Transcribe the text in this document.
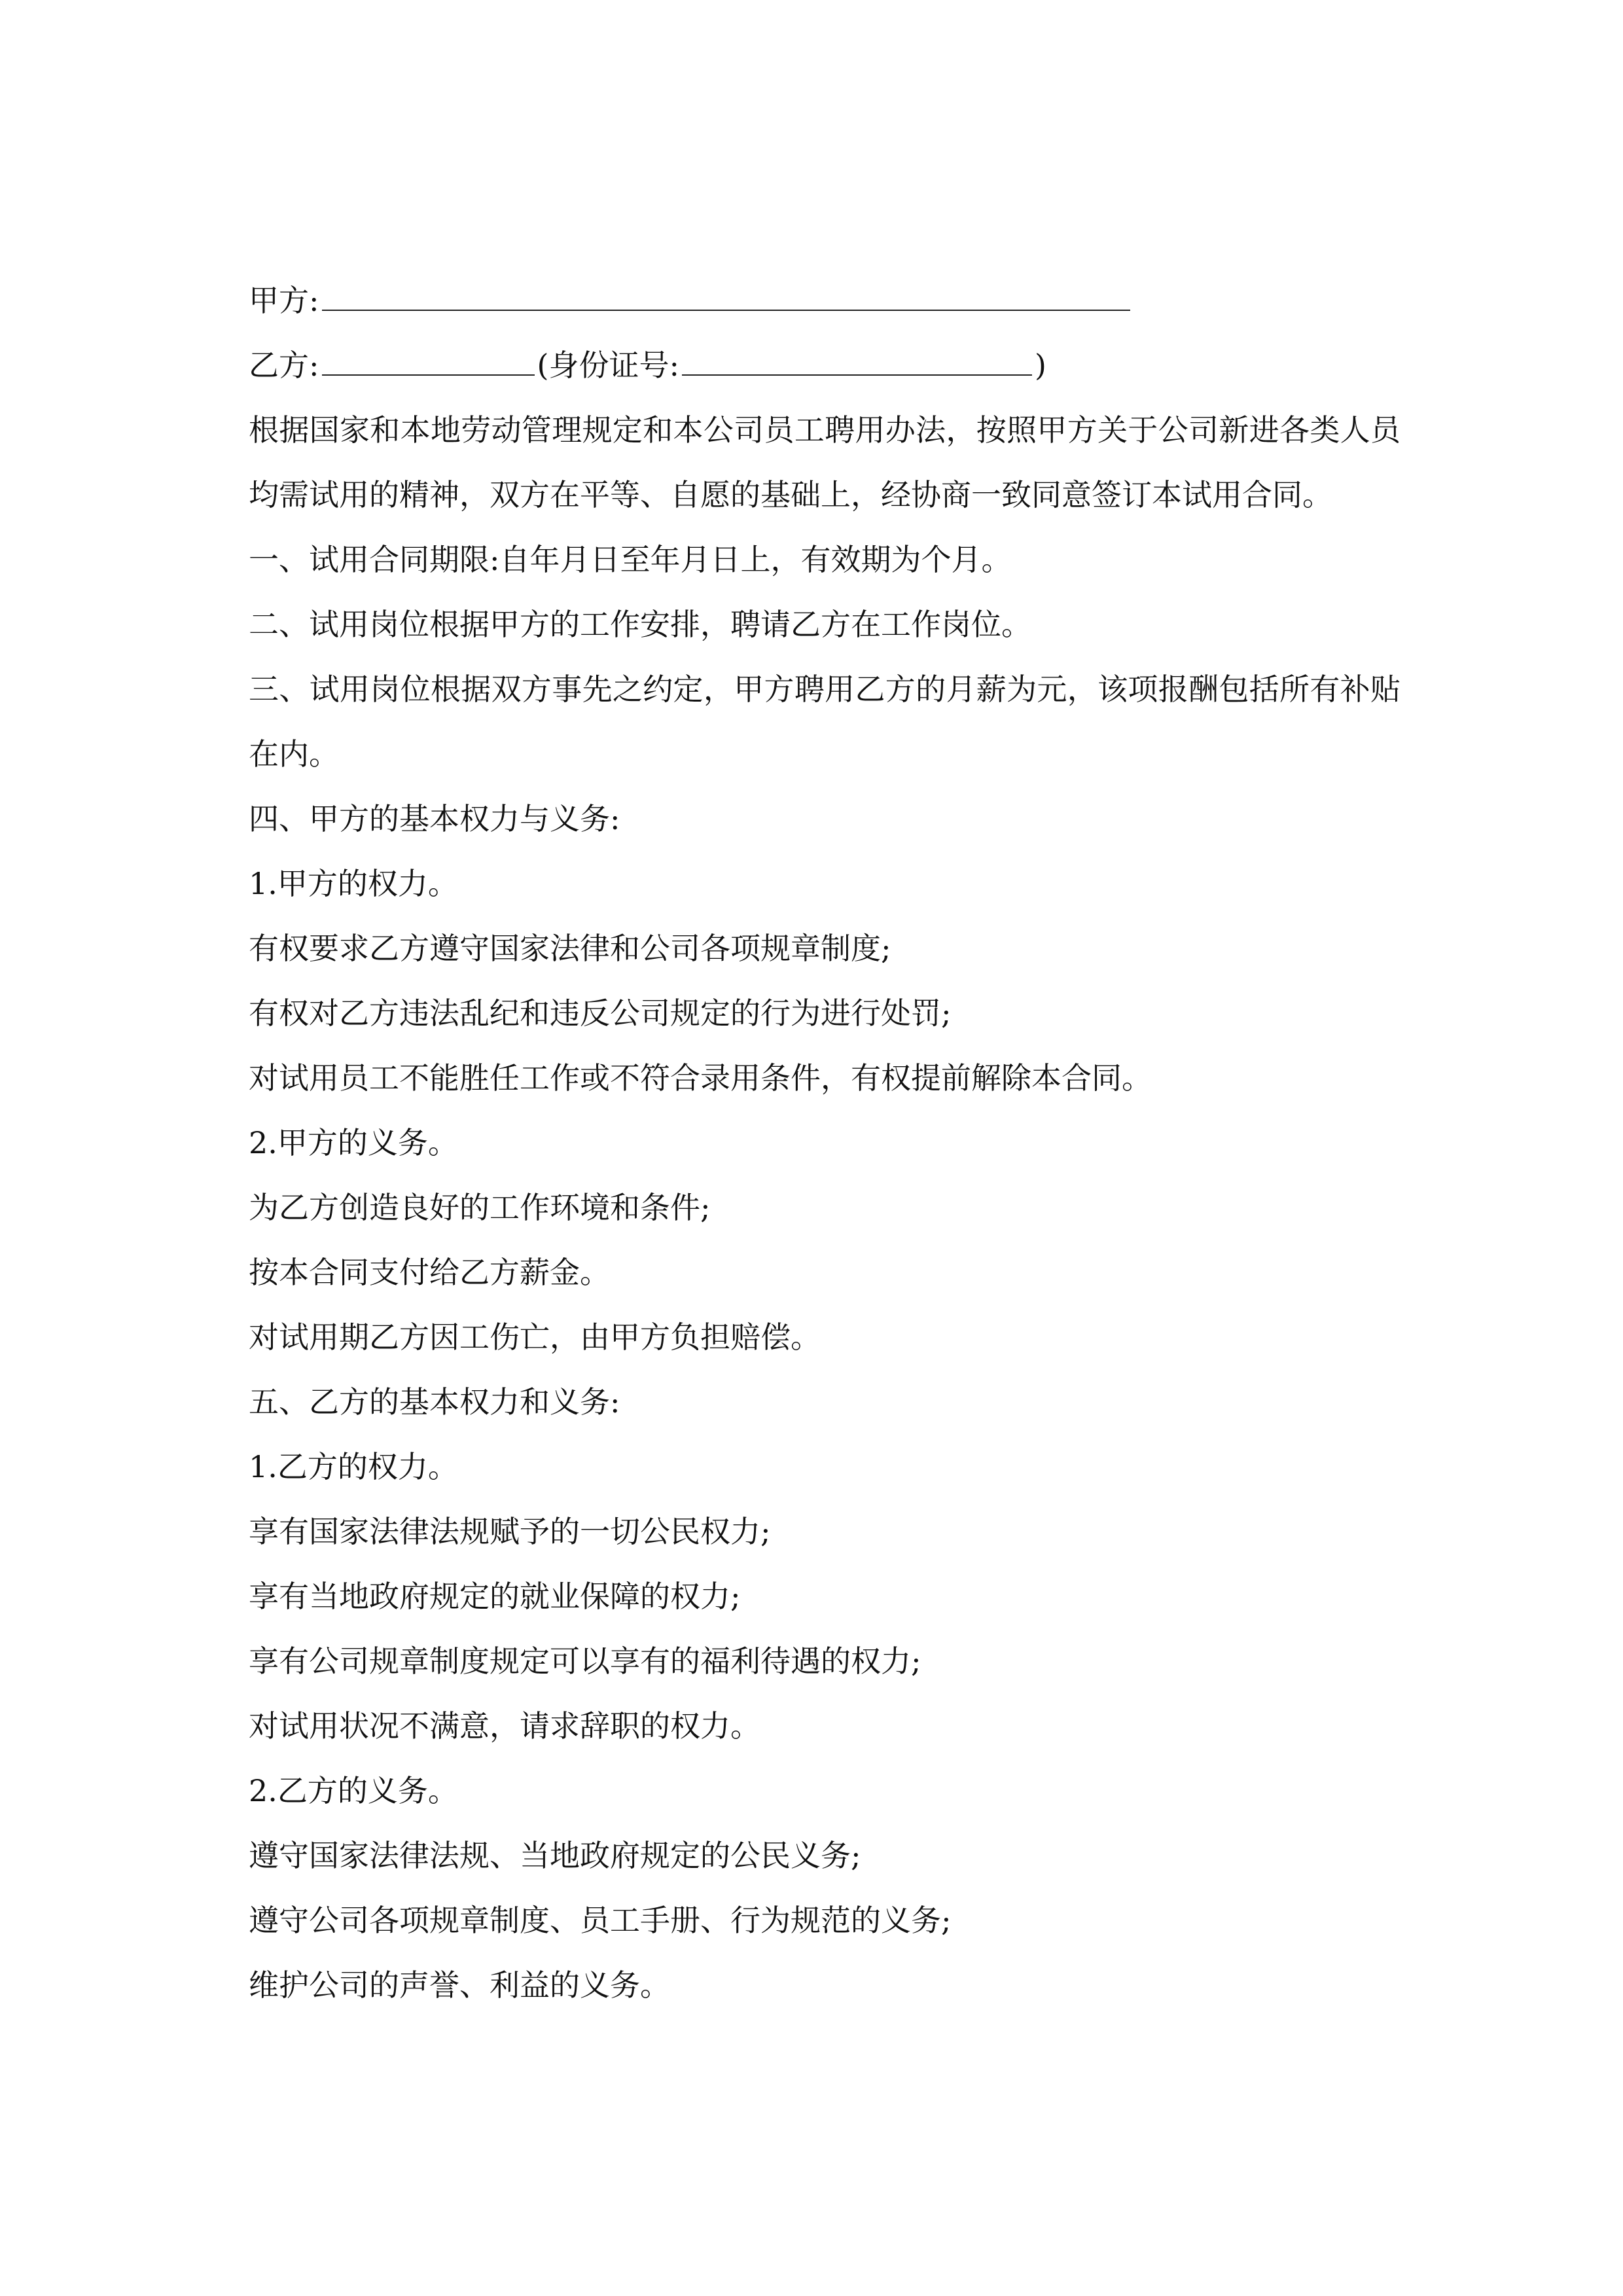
甲方:
乙方:	(身份证号:	)
根据国家和本地劳动管理规定和本公司员工聘用办法，按照甲方关于公司新进各类人员均需试用的精神，双方在平等、自愿的基础上，经协商一致同意签订本试用合同。
一、试用合同期限:自年月日至年月日上，有效期为个月。
二、试用岗位根据甲方的工作安排，聘请乙方在工作岗位。
三、试用岗位根据双方事先之约定，甲方聘用乙方的月薪为元，该项报酬包括所有补贴在内。
四、甲方的基本权力与义务:
1.甲方的权力。
有权要求乙方遵守国家法律和公司各项规章制度;
有权对乙方违法乱纪和违反公司规定的行为进行处罚;
对试用员工不能胜任工作或不符合录用条件，有权提前解除本合同。
2.甲方的义务。
为乙方创造良好的工作环境和条件;
按本合同支付给乙方薪金。
对试用期乙方因工伤亡，由甲方负担赔偿。
五、乙方的基本权力和义务:
1.乙方的权力。
享有国家法律法规赋予的一切公民权力;
享有当地政府规定的就业保障的权力;
享有公司规章制度规定可以享有的福利待遇的权力;
对试用状况不满意，请求辞职的权力。
2.乙方的义务。
遵守国家法律法规、当地政府规定的公民义务;
遵守公司各项规章制度、员工手册、行为规范的义务;
维护公司的声誉、利益的义务。
